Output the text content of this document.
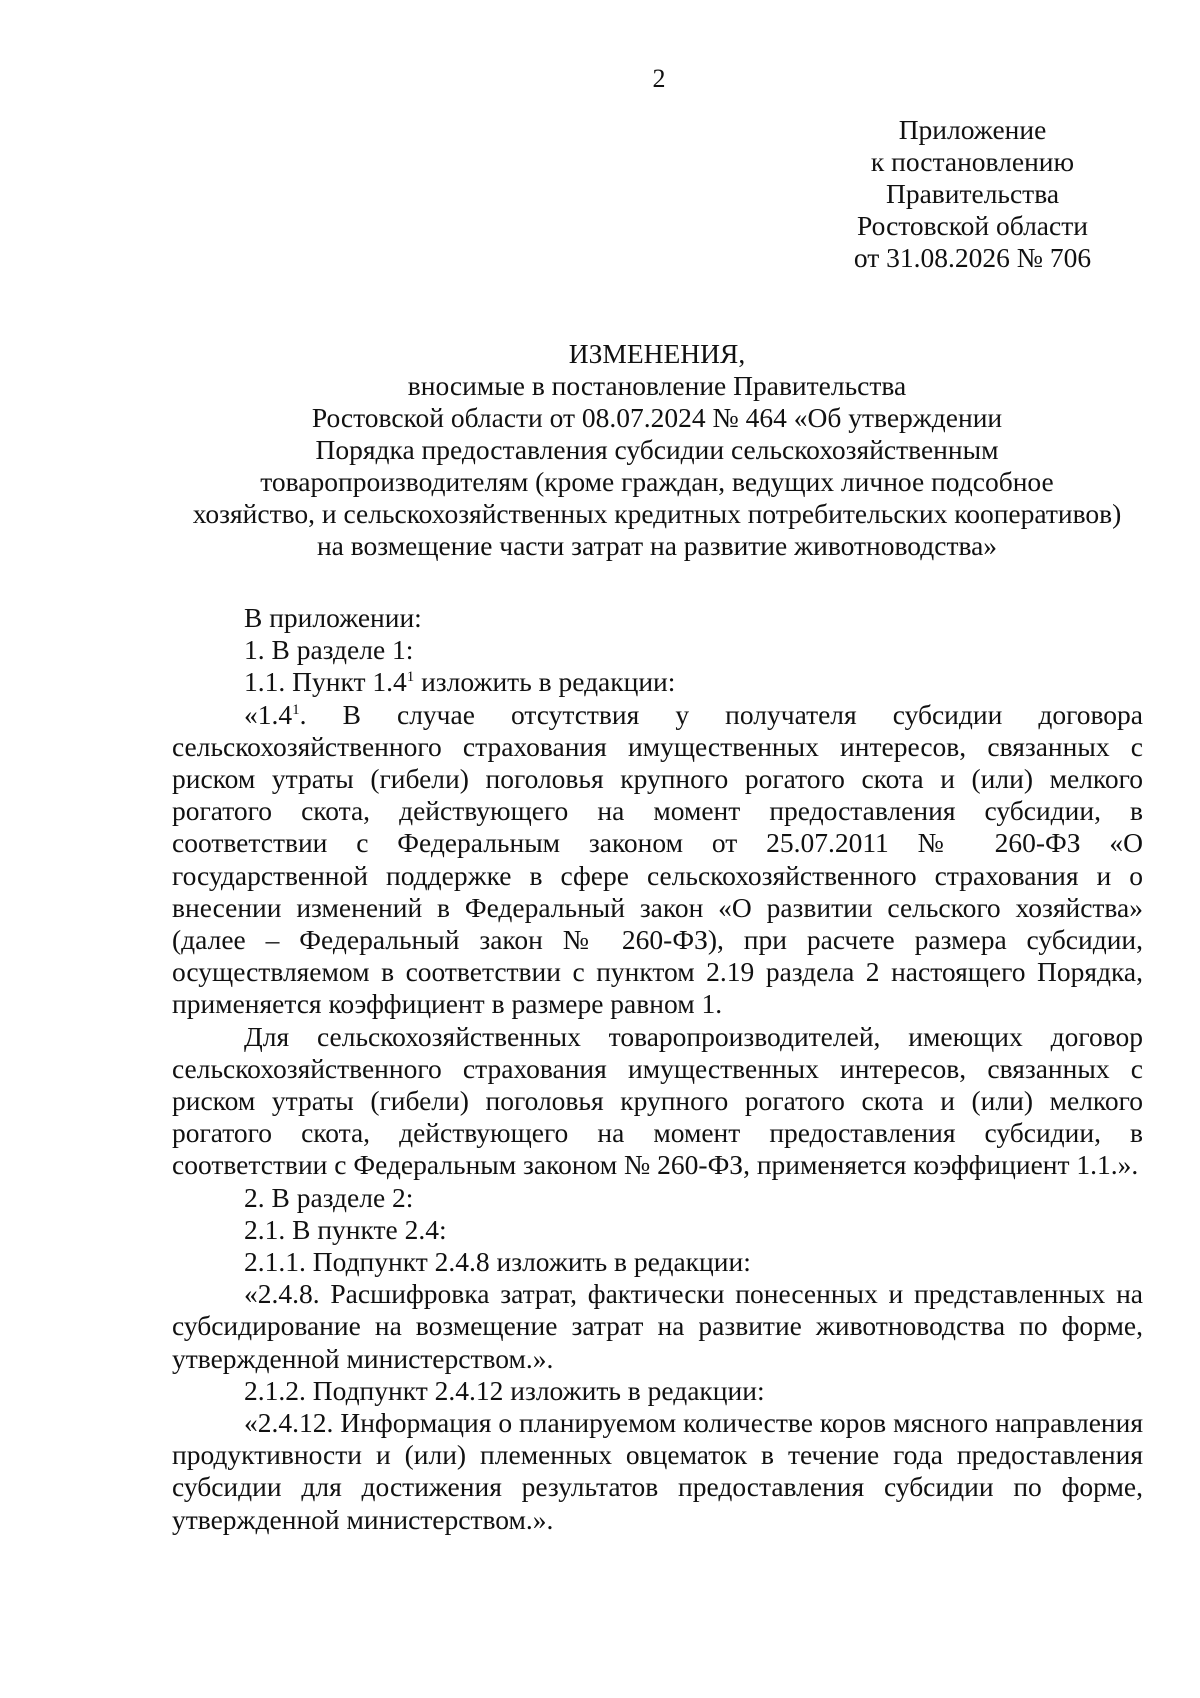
2
Приложение
к постановлению
Правительства
Ростовской области
от 31.08.2026 № 706
ИЗМЕНЕНИЯ,
вносимые в постановление Правительства
Ростовской области от 08.07.2024 № 464 «Об утверждении
Порядка предоставления субсидии сельскохозяйственным
товаропроизводителям (кроме граждан, ведущих личное подсобное
хозяйство, и сельскохозяйственных кредитных потребительских кооперативов)
на возмещение части затрат на развитие животноводства»

В приложении:

1. В разделе 1:

1.1. Пункт $1.4^1$ изложить в редакции:

«$1.4^1$. В случае отсутствия у получателя субсидии договора сельскохозяйственного страхования имущественных интересов, связанных с риском утраты (гибели) поголовья крупного рогатого скота и (или) мелкого рогатого скота, действующего на момент предоставления субсидии, в соответствии с Федеральным законом от 25.07.2011 № 260-ФЗ «О государственной поддержке в сфере сельскохозяйственного страхования и о внесении изменений в Федеральный закон «О развитии сельского хозяйства» (далее – Федеральный закон № 260-ФЗ), при расчете размера субсидии, осуществляемом в соответствии с пунктом 2.19 раздела 2 настоящего Порядка, применяется коэффициент в размере равном 1.

Для сельскохозяйственных товаропроизводителей, имеющих договор сельскохозяйственного страхования имущественных интересов, связанных с риском утраты (гибели) поголовья крупного рогатого скота и (или) мелкого рогатого скота, действующего на момент предоставления субсидии, в соответствии с Федеральным законом № 260-ФЗ, применяется коэффициент 1.1.».

2. В разделе 2:

2.1. В пункте 2.4:

2.1.1. Подпункт 2.4.8 изложить в редакции:

«2.4.8. Расшифровка затрат, фактически понесенных и представленных на субсидирование на возмещение затрат на развитие животноводства по форме, утвержденной министерством.».

2.1.2. Подпункт 2.4.12 изложить в редакции:

«2.4.12. Информация о планируемом количестве коров мясного направления продуктивности и (или) племенных овцематок в течение года предоставления субсидии для достижения результатов предоставления субсидии по форме, утвержденной министерством.».
